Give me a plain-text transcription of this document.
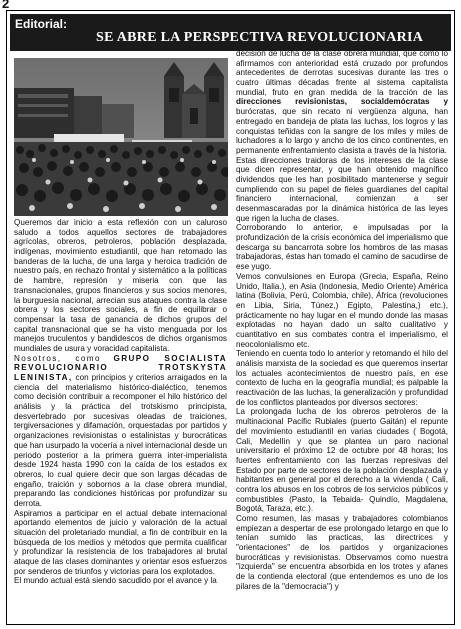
2
Editorial:
SE ABRE LA PERSPECTIVA REVOLUCIONARIA

Queremos dar inicio a esta reflexión con un caluroso saludo a todos aquellos sectores de trabajadores agrícolas, obreros, petroleros, población desplazada, indígenas, movimiento estudiantil, que han retomado las banderas de la lucha, de una larga y heroica tradición de nuestro país, en rechazo frontal y sistemático a la políticas de hambre, represión y miseria con que las transnacionales, grupos financieros y sus socios menores, la burguesía nacional, arrecian sus ataques contra la clase obrera y los sectores sociales, a fin de equilibrar o compensar la tasa de ganancia de dichos grupos del capital transnacional que se ha visto menguada por los manejos truculentos y bandidescos de dichos organismos mundiales de usura y voracidad capitalista.

Nosotros, como GRUPO SOCIALISTA REVOLUCIONARIO TROTSKYSTA LENINISTA, con principios y criterios arraigados en la ciencia del materialismo histórico-dialéctico, tenemos como decisión contribuir a recomponer el hilo histórico del análisis y la práctica del trotskismo principista, desvertebrado por sucesivas oleadas de traiciones, tergiversaciones y difamación, orquestadas por partidos y organizaciones revisionistas o estalinistas y burocráticas que han usurpado la vocería a nivel internacional desde un periodo posterior a la primera guerra inter-imperialista desde 1924 hasta 1990 con la caída de los estados ex obreros, lo cual quiere decir que son largas décadas de engaño, traición y sobornos a la clase obrera mundial, preparando las condiciones históricas por profundizar su derrota.

Aspiramos a participar en el actual debate internacional aportando elementos de juicio y valoración de la actual situación del proletariado mundial, a fin de contribuir en la búsqueda de los medios y métodos que permita cualificar y profundizar la resistencia de los trabajadores al brutal ataque de las clases dominantes y orientar esos esfuerzos por senderos de triunfos y victorias para los explotados.

El mundo actual está siendo sacudido por el avance y la

decisión de lucha de la clase obrera mundial, que como lo afirmamos con anterioridad está cruzado por profundos antecedentes de derrotas sucesivas durante las tres o cuatro últimas décadas frente al sistema capitalista mundial, fruto en gran medida de la tracción de las direcciones revisionistas, socialdemócratas y burócratas, que sin recato ni vergüenza alguna, han entregado en bandeja de plata las luchas, los logros y las conquistas teñidas con la sangre de los miles y miles de luchadores a lo largo y ancho de los cinco continentes, en permanente enfrentamiento clasista a través de la historia.

Estas direcciones traidoras de los intereses de la clase que dicen representar, y que han obtenido magnífico dividendos que les han posibilitado mantenerse y seguir cumpliendo con su papel de fieles guardianes del capital financiero internacional, comienzan a ser desenmascaradas por la dinámica histórica de las leyes que rigen la lucha de clases.

Corroborando lo anterior, e impulsadas por la profundización de la crisis económica del imperialismo que descarga su bancarrota sobre los hombros de las masas trabajadoras, éstas han tomado el camino de sacudirse de ese yugo.

Vemos convulsiones en Europa (Grecia, España, Reino Unido, Italia.), en Asia (Indonesia, Medio Oriente) América latina (Bolivia, Perú, Colombia, chile), África (revoluciones en Libia, Siria, Túnez,) Egipto, Palestina,) etc.), prácticamente no hay lugar en el mundo donde las masas explotadas no hayan dado un salto cualitativo y cuantitativo en sus combates contra el imperialismo, el neocolonialismo etc.

Teniendo en cuenta todo lo anterior y retomando el hilo del análisis marxista de la sociedad es que queremos insertar los actuales acontecimientos de nuestro país, en ese contexto de lucha en la geografía mundial; es palpable la reactivación de las luchas, la generalización y profundidad de los conflictos planteados por diversos sectores:

La prolongada lucha de los obreros petroleros de la multinacional Pacific Rubiales (puerto Gaitán) el repunte del movimiento estudiantil en varias ciudades ( Bogotá, Cali, Medellín y que se plantea un paro nacional universitario el próximo 12 de octubre por 48 horas; los fuertes enfrentamiento con las fuerzas represivas del Estado por parte de sectores de la población desplazada y habitantes en general por el derecho a la vivienda ( Cali, contra los abusos en los cobros de los servicios públicos y combustibles (Pasto, la Tebaida- Quindío, Magdalena, Bogotá, Taraza, etc.).

Como resumen, las masas y trabajadores colombianos empiezan a despertar de ese prolongado letargo en que lo tenían sumido las practicas, las directrices y "orientaciones" de los partidos y organizaciones burocráticas y revisionistas. Observamos como nuestra "izquierda" se encuentra absorbida en los trotes y afanes de la contienda electoral (que entendemos es uno de los pilares de la "democracia") y
